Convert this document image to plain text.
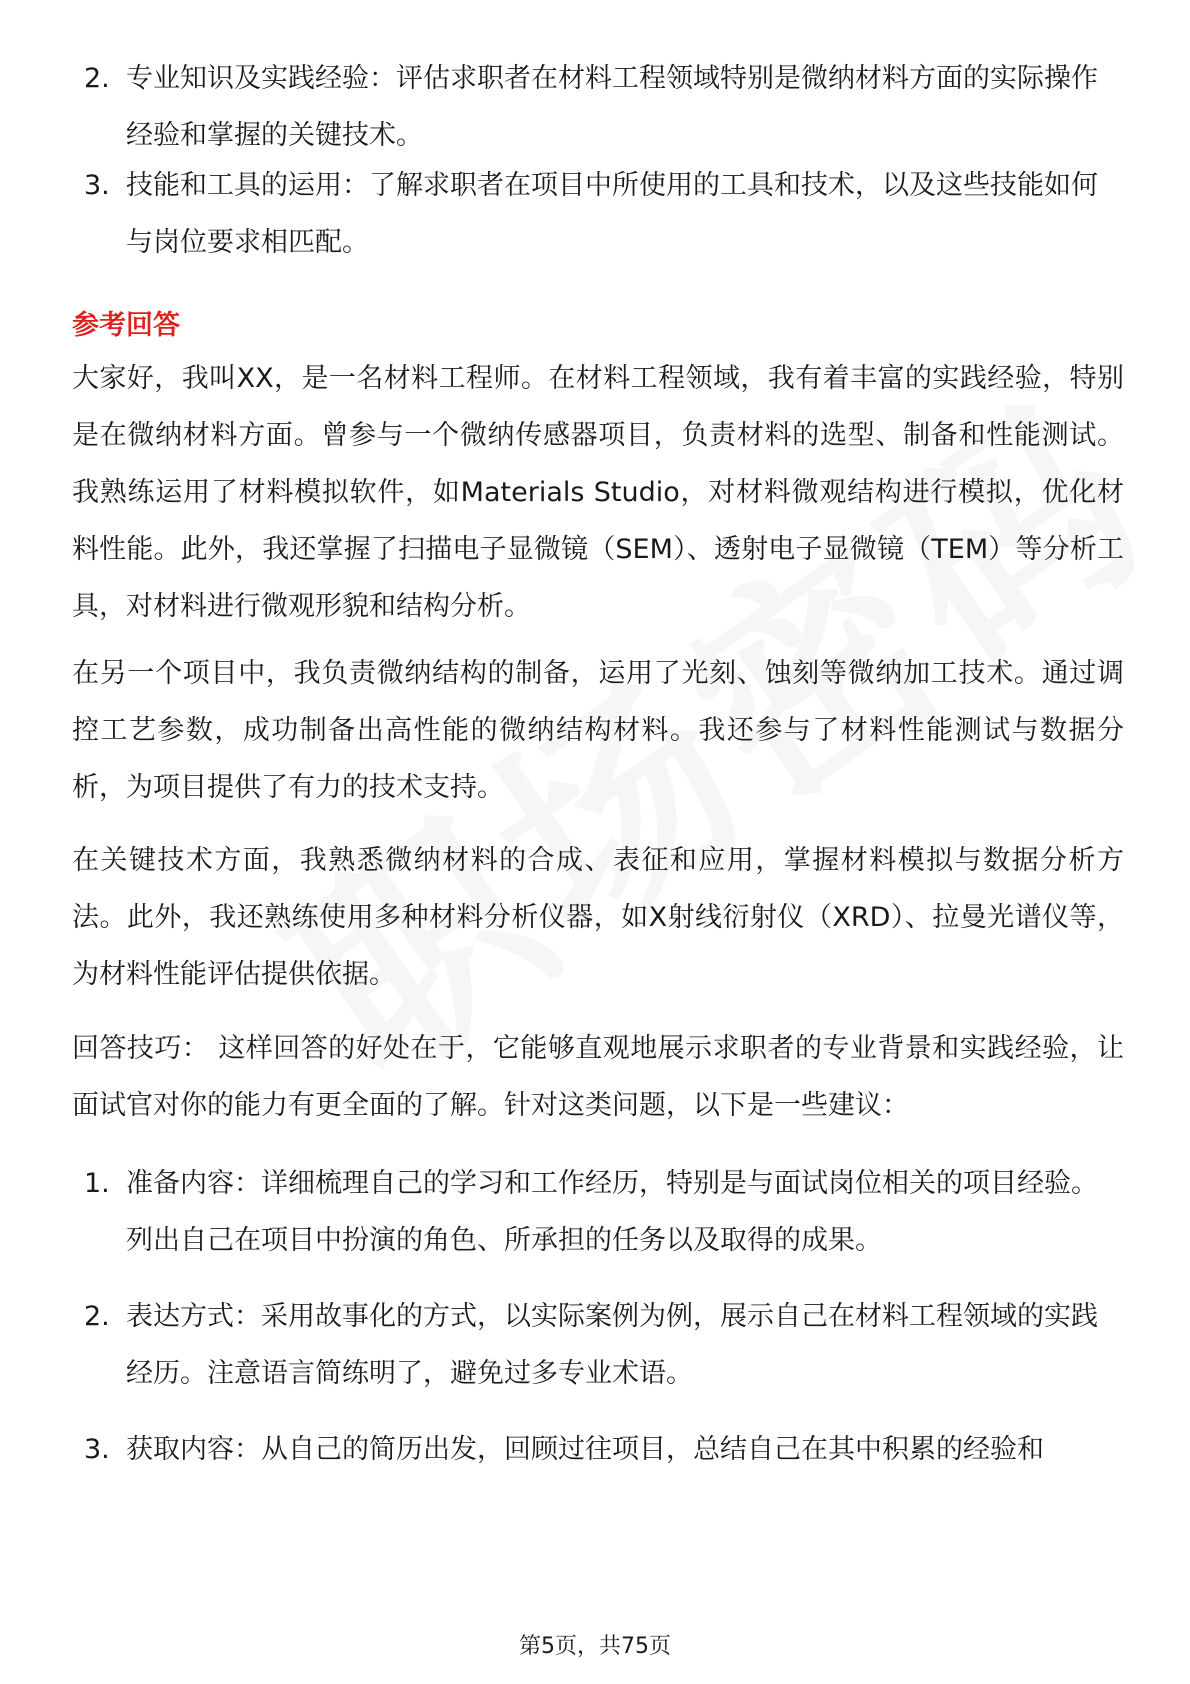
2. 专业知识及实践经验：评估求职者在材料工程领域特别是微纳材料方面的实际操作经验和掌握的关键技术。
3. 技能和工具的运用：了解求职者在项目中所使用的工具和技术，以及这些技能如何与岗位要求相匹配。
参考回答
大家好，我叫XX，是一名材料工程师。在材料工程领域，我有着丰富的实践经验，特别是在微纳材料方面。曾参与一个微纳传感器项目，负责材料的选型、制备和性能测试。我熟练运用了材料模拟软件，如Materials Studio，对材料微观结构进行模拟，优化材料性能。此外，我还掌握了扫描电子显微镜（SEM）、透射电子显微镜（TEM）等分析工具，对材料进行微观形貌和结构分析。
在另一个项目中，我负责微纳结构的制备，运用了光刻、蚀刻等微纳加工技术。通过调控工艺参数，成功制备出高性能的微纳结构材料。我还参与了材料性能测试与数据分析，为项目提供了有力的技术支持。
在关键技术方面，我熟悉微纳材料的合成、表征和应用，掌握材料模拟与数据分析方法。此外，我还熟练使用多种材料分析仪器，如X射线衍射仪（XRD）、拉曼光谱仪等，为材料性能评估提供依据。
回答技巧： 这样回答的好处在于，它能够直观地展示求职者的专业背景和实践经验，让面试官对你的能力有更全面的了解。针对这类问题，以下是一些建议：
1. 准备内容：详细梳理自己的学习和工作经历，特别是与面试岗位相关的项目经验。列出自己在项目中扮演的角色、所承担的任务以及取得的成果。
2. 表达方式：采用故事化的方式，以实际案例为例，展示自己在材料工程领域的实践经历。注意语言简练明了，避免过多专业术语。
3. 获取内容：从自己的简历出发，回顾过往项目，总结自己在其中积累的经验和
第5页，共75页
